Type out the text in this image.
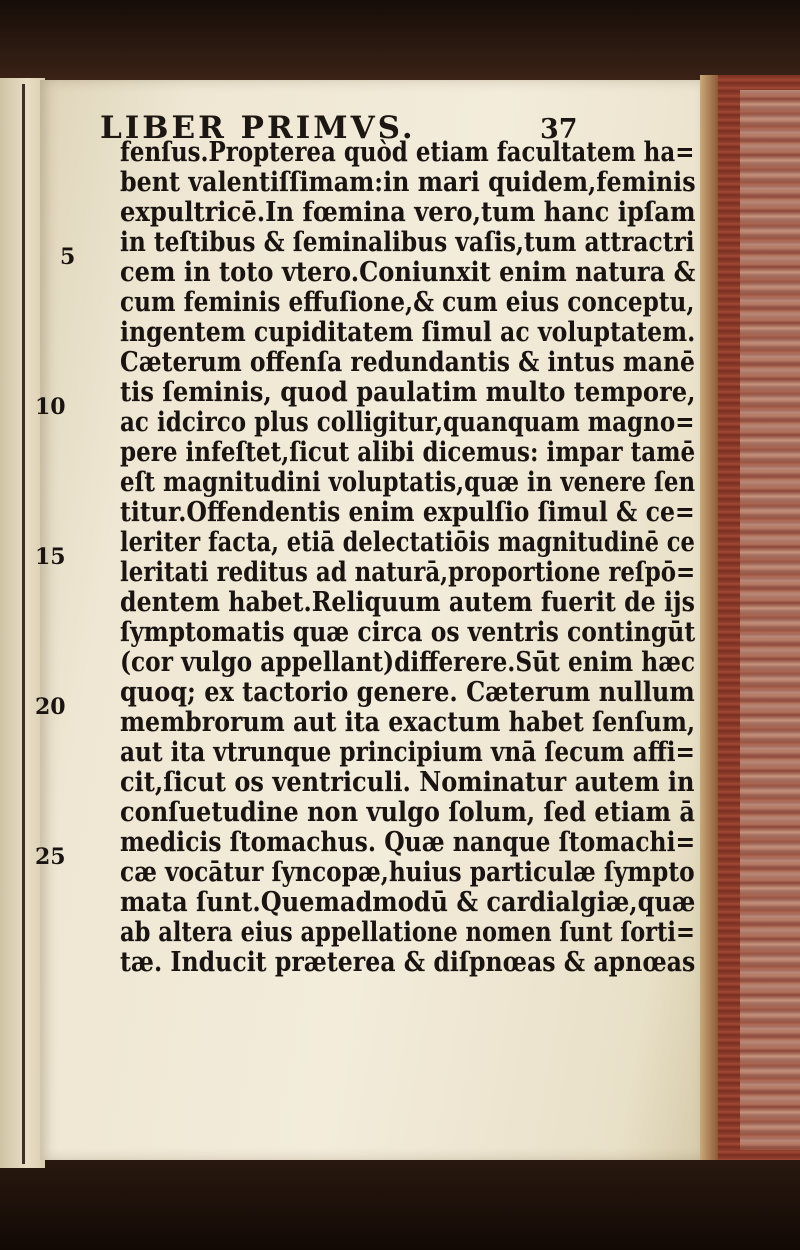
LIBER PRIMVS.	37
5
10
15
20
25
fenſus.Propterea quòd etiam facultatem ha=
bent valentiſſimam:in mari quidem,feminis
expultricē.In fœmina vero,tum hanc ipſam
in teſtibus & ſeminalibus vaſis,tum attractri
cem in toto vtero.Coniunxit enim natura &
cum feminis effuſione,& cum eius conceptu,
ingentem cupiditatem ſimul ac voluptatem.
Cæterum offenſa redundantis & intus manē
tis ſeminis, quod paulatim multo tempore,
ac idcirco plus colligitur,quanquam magno=
pere infeſtet,ſicut alibi dicemus: impar tamē
eſt magnitudini voluptatis,quæ in venere ſen
titur.Offendentis enim expulſio ſimul & ce=
leriter facta, etiā delectatiōis magnitudinē ce
leritati reditus ad naturā,proportione reſpō=
dentem habet.Reliquum autem fuerit de ijs
ſymptomatis quæ circa os ventris contingūt
(cor vulgo appellant)differere.Sūt enim hæc
quoq; ex tactorio genere. Cæterum nullum
membrorum aut ita exactum habet ſenſum,
aut ita vtrunque principium vnā ſecum affi=
cit,ſicut os ventriculi. Nominatur autem in
conſuetudine non vulgo ſolum, ſed etiam ā
medicis ſtomachus. Quæ nanque ſtomachi=
cæ vocātur ſyncopæ,huius particulæ ſympto
mata ſunt.Quemadmodū & cardialgiæ,quæ
ab altera eius appellatione nomen ſunt ſorti=
tæ. Inducit præterea & diſpnœas & apnœas
